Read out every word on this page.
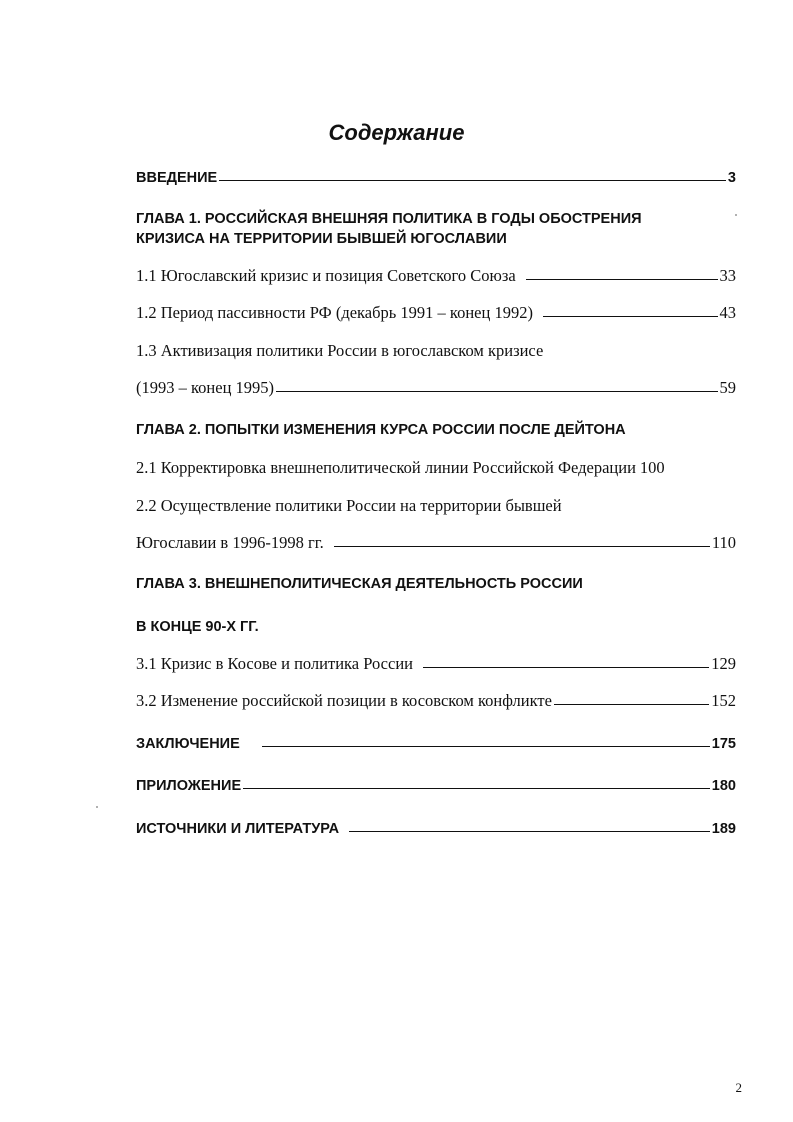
Содержание
ВВЕДЕНИЕ	3
ГЛАВА 1. РОССИЙСКАЯ ВНЕШНЯЯ ПОЛИТИКА В ГОДЫ ОБОСТРЕНИЯ
КРИЗИСА НА ТЕРРИТОРИИ БЫВШЕЙ ЮГОСЛАВИИ
1.1 Югославский кризис и позиция Советского Союза	33
1.2 Период пассивности РФ (декабрь 1991 – конец 1992)	43
1.3 Активизация политики России в югославском кризисе
(1993 – конец 1995)	59
ГЛАВА 2. ПОПЫТКИ ИЗМЕНЕНИЯ КУРСА РОССИИ ПОСЛЕ ДЕЙТОНА
2.1 Корректировка внешнеполитической линии Российской Федерации 100
2.2 Осуществление политики России на территории бывшей
Югославии в 1996-1998 гг.	110
ГЛАВА 3. ВНЕШНЕПОЛИТИЧЕСКАЯ ДЕЯТЕЛЬНОСТЬ РОССИИ
В КОНЦЕ 90-Х ГГ.
3.1 Кризис в Косове и политика России	129
3.2 Изменение российской позиции в косовском конфликте	152
ЗАКЛЮЧЕНИЕ	175
ПРИЛОЖЕНИЕ	180
ИСТОЧНИКИ И ЛИТЕРАТУРА	189
2
